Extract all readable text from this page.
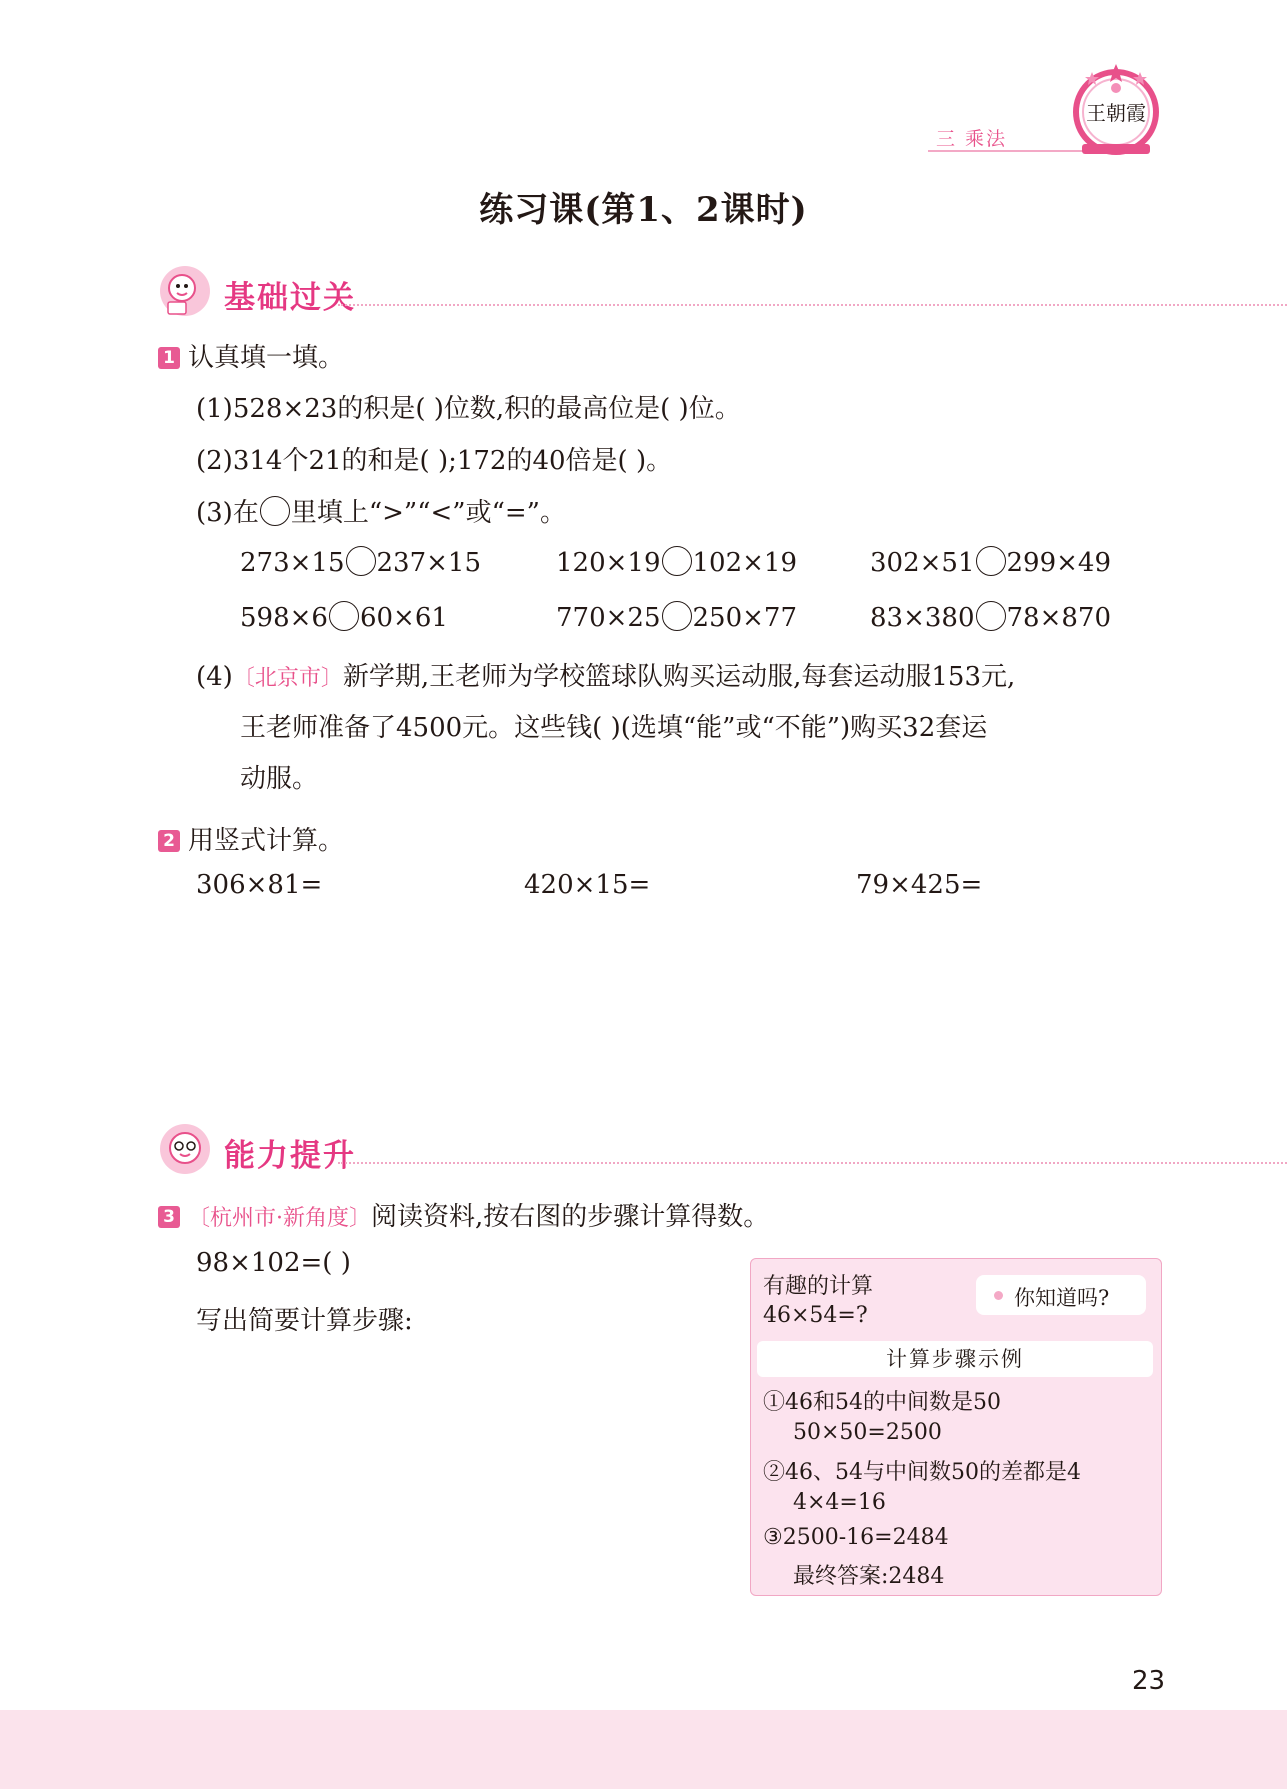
三 乘法
王朝霞
练习课(第1、2课时)
基础过关
1 认真填一填。
(1)528×23的积是( )位数,积的最高位是( )位。
(2)314个21的和是( );172的40倍是( )。
(3)在 里填上“>”“<”或“=”。
273×15 237×15	120×19 102×19	302×51 299×49
598×6 60×61	770×25 250×77	83×380 78×870
(4)〔北京市〕新学期,王老师为学校篮球队购买运动服,每套运动服153元,
王老师准备了4500元。这些钱( )(选填“能”或“不能”)购买32套运
动服。
2 用竖式计算。
306×81=	420×15=	79×425=
能力提升
3 〔杭州市·新角度〕阅读资料,按右图的步骤计算得数。
98×102=( )
写出简要计算步骤:
有趣的计算
46×54=?
你知道吗?
计算步骤示例
①46和54的中间数是50
50×50=2500
②46、54与中间数50的差都是4
4×4=16
③2500-16=2484
最终答案:2484
23
